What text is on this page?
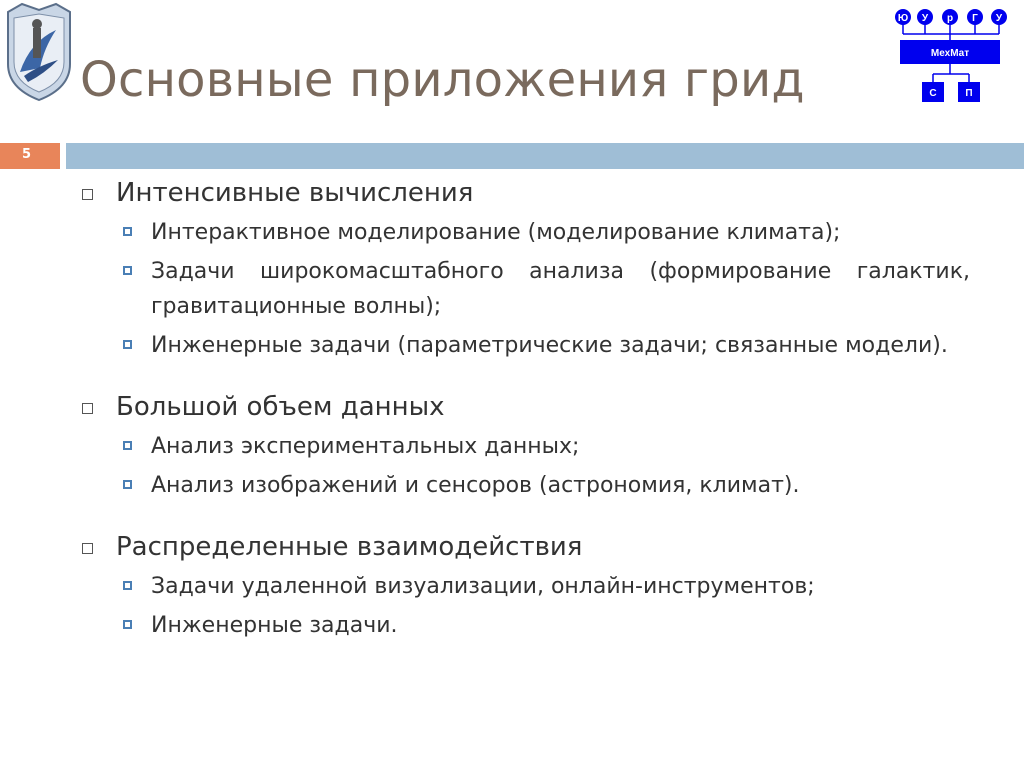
Основные приложения грид
5
Ю У р Г У
МехМат
С	П
Интенсивные вычисления
Интерактивное моделирование (моделирование климата);
Задачи широкомасштабного анализа (формирование галактик, гравитационные волны);
Инженерные задачи (параметрические задачи; связанные модели).
Большой объем данных
Анализ экспериментальных данных;
Анализ изображений и сенсоров (астрономия, климат).
Распределенные взаимодействия
Задачи удаленной визуализации, онлайн-инструментов;
Инженерные задачи.
